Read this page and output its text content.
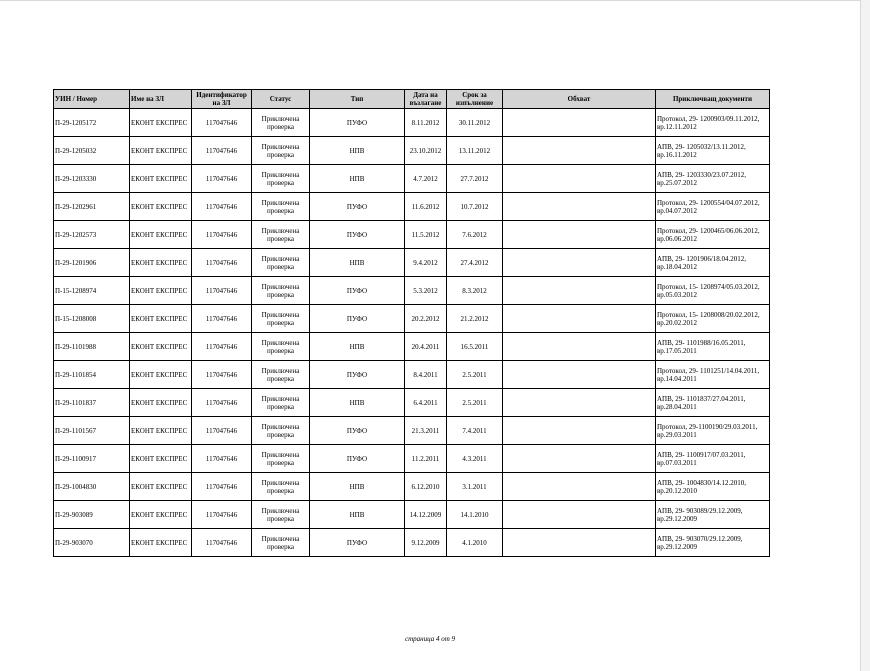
УИН / Номер	Име на ЗЛ	Идентификатор на ЗЛ	Статус	Тип	Дата на възлагане	Срок за изпълнение	Обхват	Приключващ документи
П-29-1205172	ЕКОНТ ЕКСПРЕС	117047646	Приключена проверка	ПУФО	8.11.2012	30.11.2012		Протокол, 29- 1200903/09.11.2012, вр.12.11.2012
П-29-1205032	ЕКОНТ ЕКСПРЕС	117047646	Приключена проверка	НПВ	23.10.2012	13.11.2012		АПВ, 29- 1205032/13.11.2012, вр.16.11.2012
П-29-1203330	ЕКОНТ ЕКСПРЕС	117047646	Приключена проверка	НПВ	4.7.2012	27.7.2012		АПВ, 29- 1203330/23.07.2012, вр.25.07.2012
П-29-1202961	ЕКОНТ ЕКСПРЕС	117047646	Приключена проверка	ПУФО	11.6.2012	10.7.2012		Протокол, 29- 1200554/04.07.2012, вр.04.07.2012
П-29-1202573	ЕКОНТ ЕКСПРЕС	117047646	Приключена проверка	ПУФО	11.5.2012	7.6.2012		Протокол, 29- 1200465/06.06.2012, вр.06.06.2012
П-29-1201906	ЕКОНТ ЕКСПРЕС	117047646	Приключена проверка	НПВ	9.4.2012	27.4.2012		АПВ, 29- 1201906/18.04.2012, вр.18.04.2012
П-15-1208974	ЕКОНТ ЕКСПРЕС	117047646	Приключена проверка	ПУФО	5.3.2012	8.3.2012		Протокол, 15- 1208974/05.03.2012, вр.05.03.2012
П-15-1208008	ЕКОНТ ЕКСПРЕС	117047646	Приключена проверка	ПУФО	20.2.2012	21.2.2012		Протокол, 15- 1208008/20.02.2012, вр.20.02.2012
П-29-1101988	ЕКОНТ ЕКСПРЕС	117047646	Приключена проверка	НПВ	20.4.2011	16.5.2011		АПВ, 29- 1101988/16.05.2011, вр.17.05.2011
П-29-1101854	ЕКОНТ ЕКСПРЕС	117047646	Приключена проверка	ПУФО	8.4.2011	2.5.2011		Протокол, 29- 1101251/14.04.2011, вр.14.04.2011
П-29-1101837	ЕКОНТ ЕКСПРЕС	117047646	Приключена проверка	НПВ	6.4.2011	2.5.2011		АПВ, 29- 1101837/27.04.2011, вр.28.04.2011
П-29-1101567	ЕКОНТ ЕКСПРЕС	117047646	Приключена проверка	ПУФО	21.3.2011	7.4.2011		Протокол, 29-1100190/29.03.2011, вр.29.03.2011
П-29-1100917	ЕКОНТ ЕКСПРЕС	117047646	Приключена проверка	ПУФО	11.2.2011	4.3.2011		АПВ, 29- 1100917/07.03.2011, вр.07.03.2011
П-29-1004830	ЕКОНТ ЕКСПРЕС	117047646	Приключена проверка	НПВ	6.12.2010	3.1.2011		АПВ, 29- 1004830/14.12.2010, вр.20.12.2010
П-29-903089	ЕКОНТ ЕКСПРЕС	117047646	Приключена проверка	НПВ	14.12.2009	14.1.2010		АПВ, 29- 903089/29.12.2009, вр.29.12.2009
П-29-903070	ЕКОНТ ЕКСПРЕС	117047646	Приключена проверка	ПУФО	9.12.2009	4.1.2010		АПВ, 29- 903070/29.12.2009, вр.29.12.2009
страница 4 от 9
